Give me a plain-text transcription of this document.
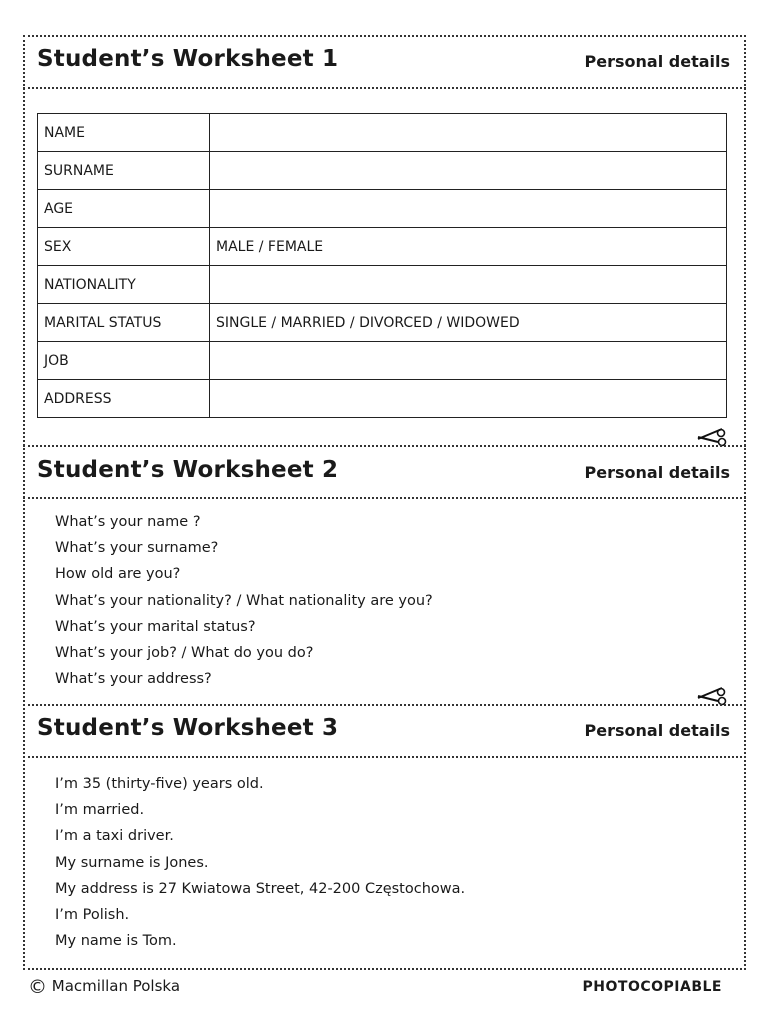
Student’s Worksheet 1	Personal details
NAME	
SURNAME	
AGE	
SEX	MALE / FEMALE
NATIONALITY	
MARITAL STATUS	SINGLE / MARRIED / DIVORCED / WIDOWED
JOB	
ADDRESS	
Student’s Worksheet 2	Personal details
What’s your name ?
What’s your surname?
How old are you?
What’s your nationality? / What nationality are you?
What’s your marital status?
What’s your job? / What do you do?
What’s your address?
Student’s Worksheet 3	Personal details
I’m 35 (thirty-five) years old.
I’m married.
I’m a taxi driver.
My surname is Jones.
My address is 27 Kwiatowa Street, 42-200 Częstochowa.
I’m Polish.
My name is Tom.
© Macmillan Polska	PHOTOCOPIABLE
